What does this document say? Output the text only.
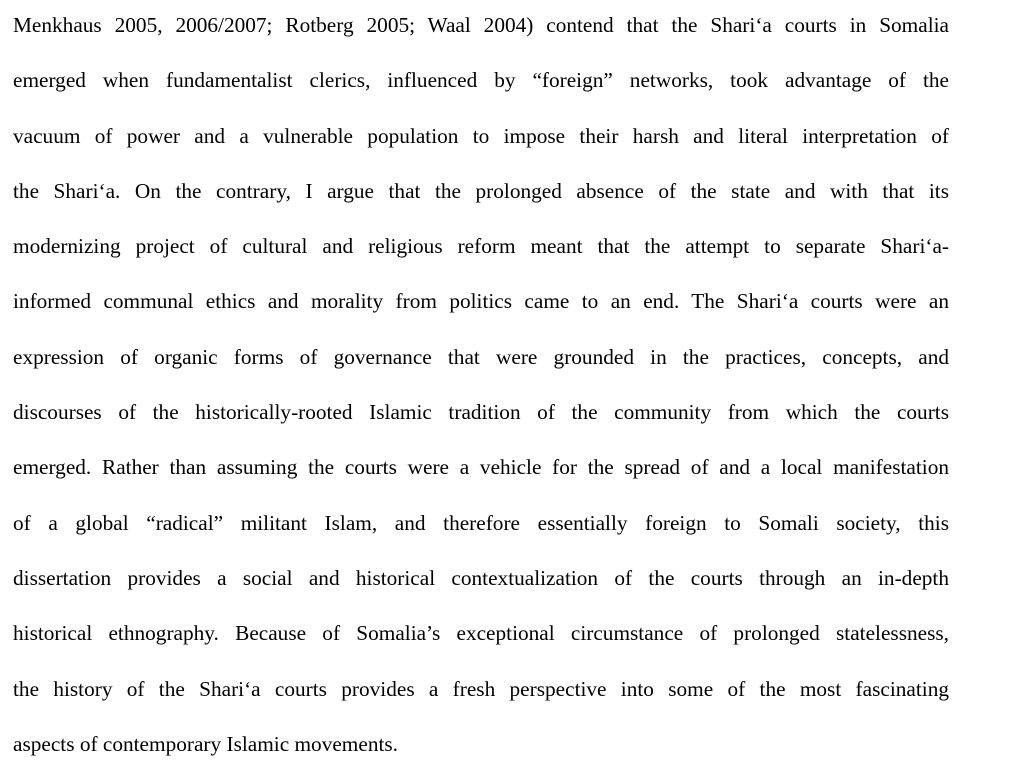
Menkhaus 2005, 2006/2007; Rotberg 2005; Waal 2004) contend that the Shariʻa courts in Somalia
emerged when fundamentalist clerics, influenced by “foreign” networks, took advantage of the
vacuum of power and a vulnerable population to impose their harsh and literal interpretation of
the Shariʻa. On the contrary, I argue that the prolonged absence of the state and with that its
modernizing project of cultural and religious reform meant that the attempt to separate Shariʻa-
informed communal ethics and morality from politics came to an end. The Shariʻa courts were an
expression of organic forms of governance that were grounded in the practices, concepts, and
discourses of the historically-rooted Islamic tradition of the community from which the courts
emerged. Rather than assuming the courts were a vehicle for the spread of and a local manifestation
of a global “radical” militant Islam, and therefore essentially foreign to Somali society, this
dissertation provides a social and historical contextualization of the courts through an in-depth
historical ethnography. Because of Somalia’s exceptional circumstance of prolonged statelessness,
the history of the Shariʻa courts provides a fresh perspective into some of the most fascinating
aspects of contemporary Islamic movements.
